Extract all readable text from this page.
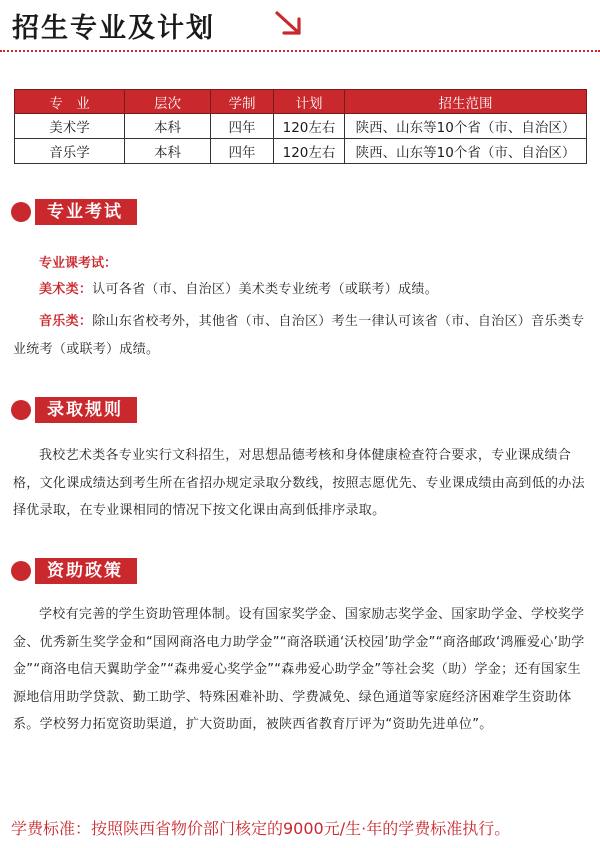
招生专业及计划
专　业	层次	学制	计划	招生范围
美术学	本科	四年	120左右	陕西、山东等10个省（市、自治区）
音乐学	本科	四年	120左右	陕西、山东等10个省（市、自治区）
专业考试
专业课考试：
美术类：认可各省（市、自治区）美术类专业统考（或联考）成绩。
音乐类：除山东省校考外，其他省（市、自治区）考生一律认可该省（市、自治区）音乐类专业统考（或联考）成绩。
录取规则
我校艺术类各专业实行文科招生，对思想品德考核和身体健康检查符合要求，专业课成绩合格，文化课成绩达到考生所在省招办规定录取分数线，按照志愿优先、专业课成绩由高到低的办法择优录取，在专业课相同的情况下按文化课由高到低排序录取。
资助政策
学校有完善的学生资助管理体制。设有国家奖学金、国家励志奖学金、国家助学金、学校奖学金、优秀新生奖学金和“国网商洛电力助学金”“商洛联通‘沃校园’助学金”“商洛邮政‘鸿雁爱心’助学金”“商洛电信天翼助学金”“森弗爱心奖学金”“森弗爱心助学金”等社会奖（助）学金；还有国家生源地信用助学贷款、勤工助学、特殊困难补助、学费减免、绿色通道等家庭经济困难学生资助体系。学校努力拓宽资助渠道，扩大资助面，被陕西省教育厅评为“资助先进单位”。
学费标准：按照陕西省物价部门核定的9000元/生·年的学费标准执行。
